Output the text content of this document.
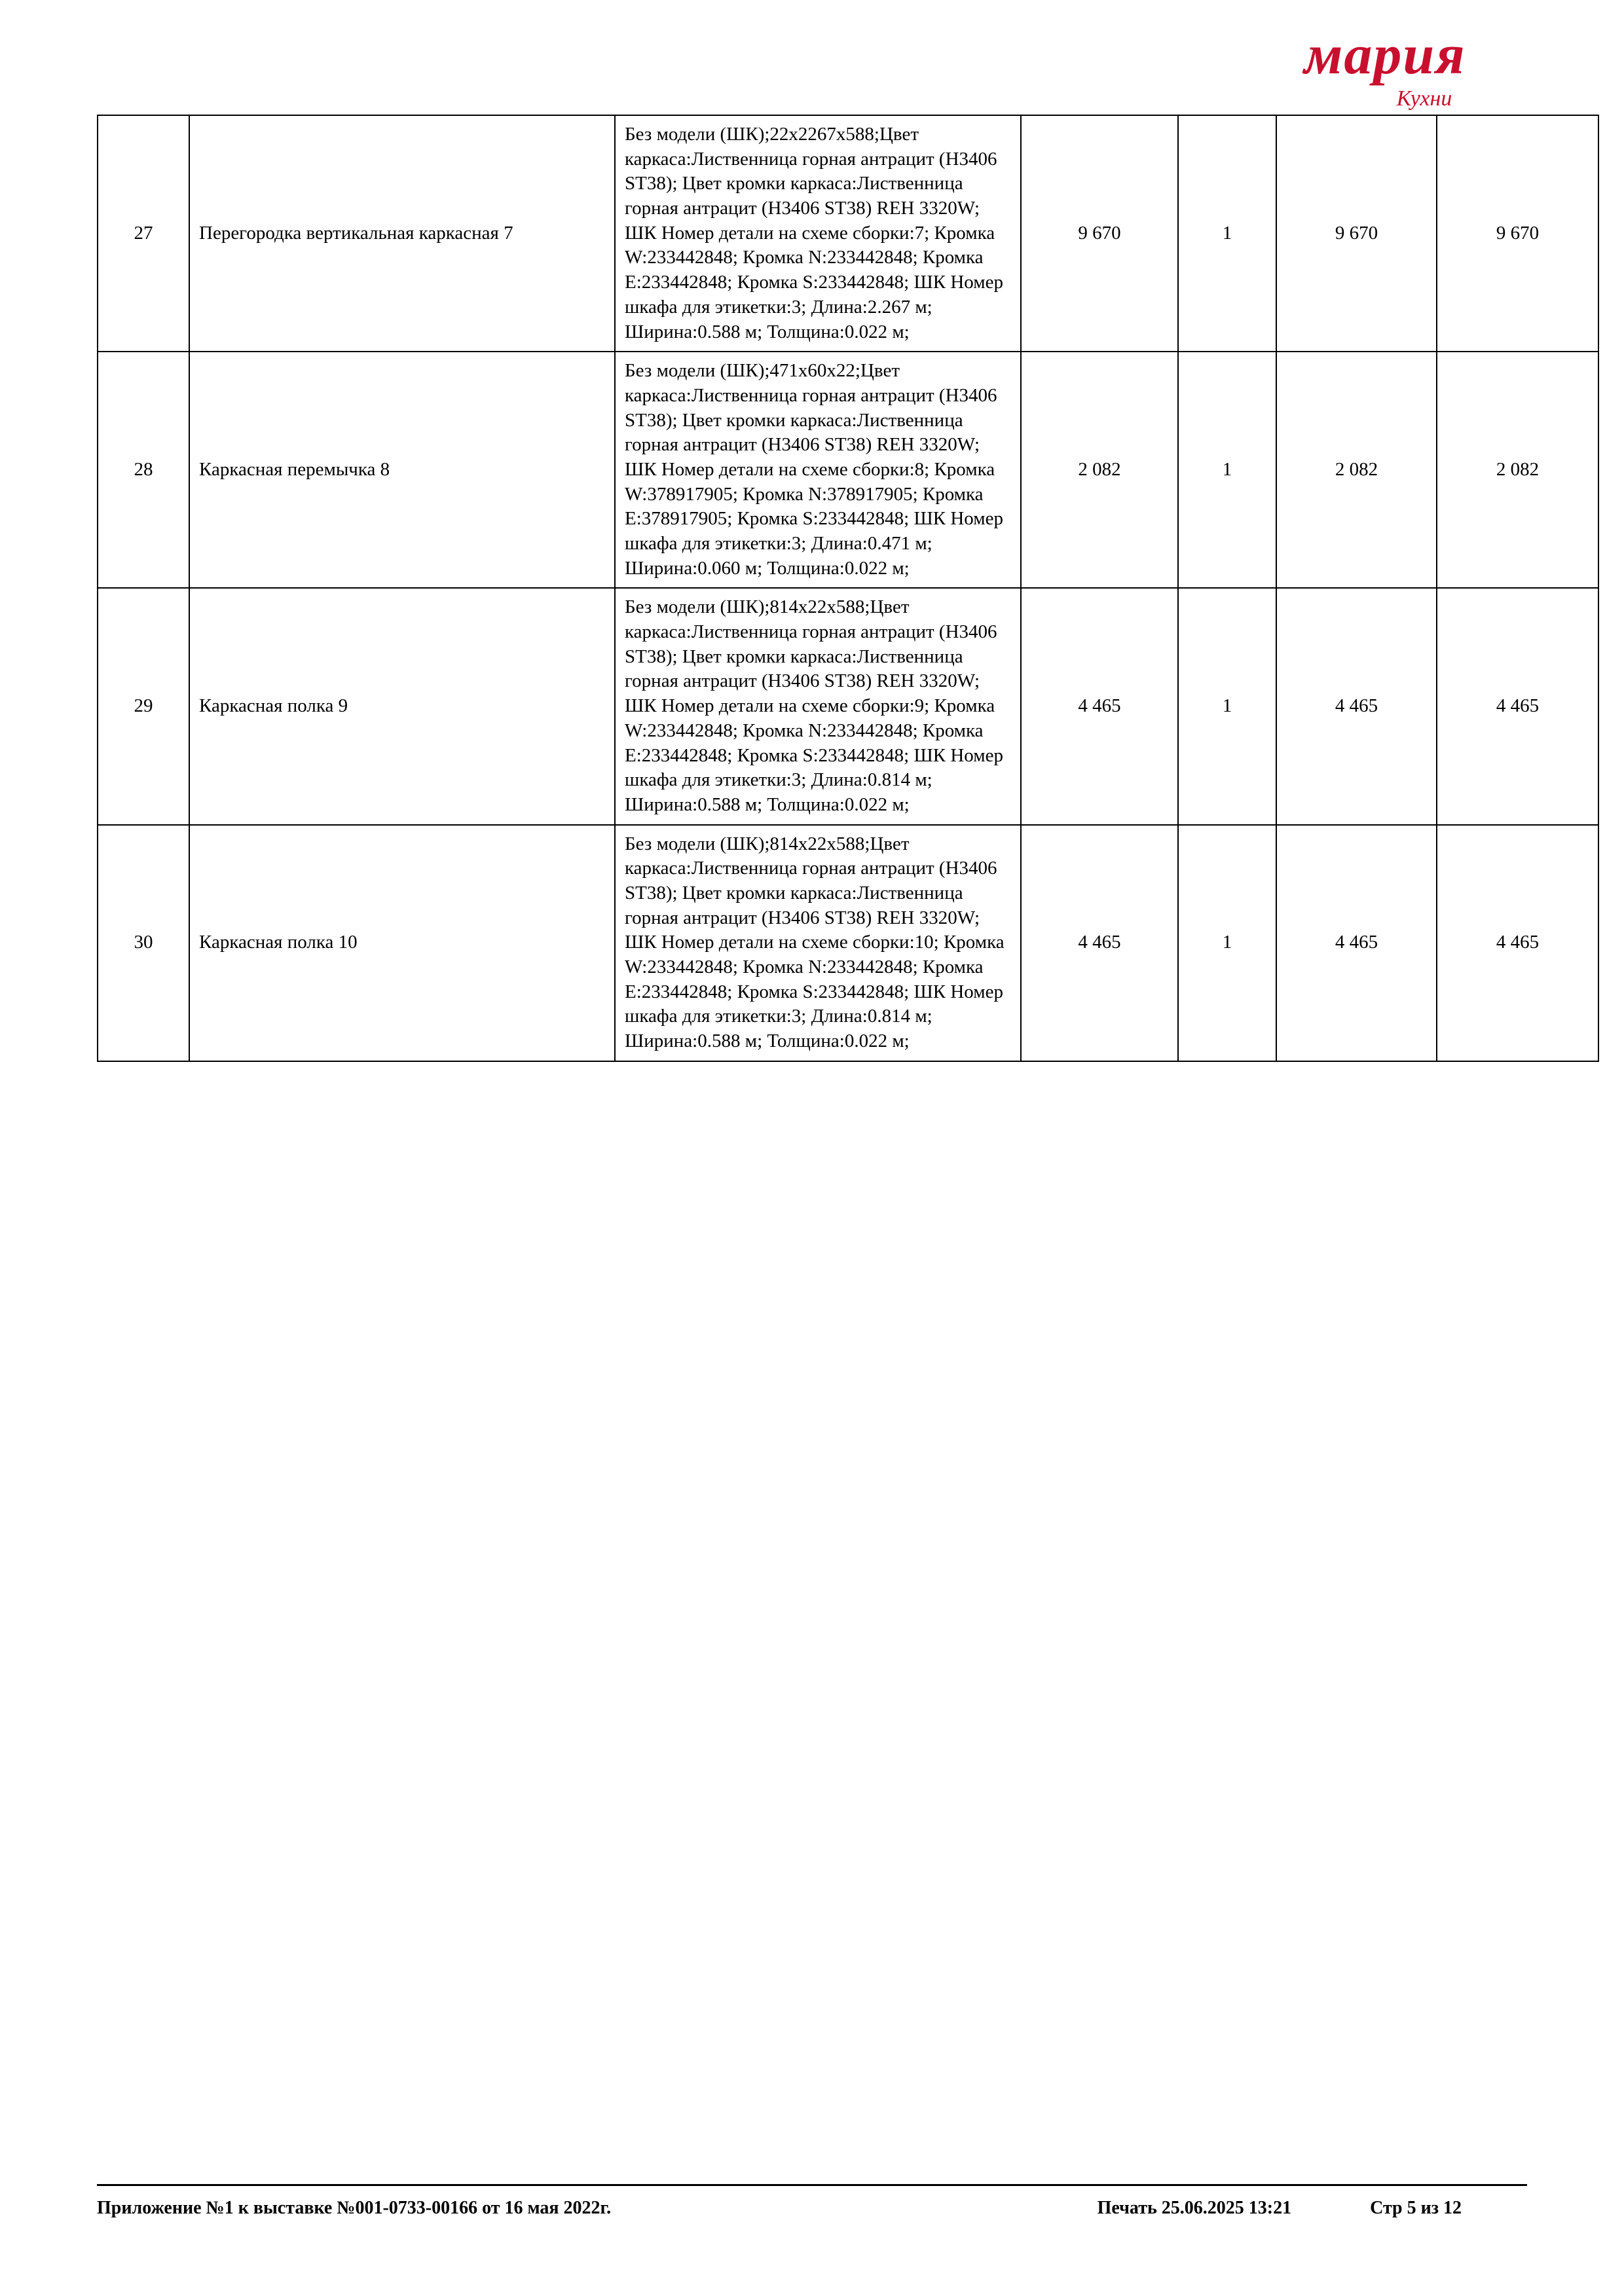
мария
Кухни
27	Перегородка вертикальная каркасная 7	Без модели (ШК);22x2267x588;Цвет каркаса:Лиственница горная антрацит (H3406 ST38); Цвет кромки каркаса:Лиственница горная антрацит (H3406 ST38) REH 3320W; ШК Номер детали на схеме сборки:7; Кромка W:233442848; Кромка N:233442848; Кромка E:233442848; Кромка S:233442848; ШК Номер шкафа для этикетки:3; Длина:2.267 м; Ширина:0.588 м; Толщина:0.022 м;	9 670	1	9 670	9 670
28	Каркасная перемычка 8	Без модели (ШК);471x60x22;Цвет каркаса:Лиственница горная антрацит (H3406 ST38); Цвет кромки каркаса:Лиственница горная антрацит (H3406 ST38) REH 3320W; ШК Номер детали на схеме сборки:8; Кромка W:378917905; Кромка N:378917905; Кромка E:378917905; Кромка S:233442848; ШК Номер шкафа для этикетки:3; Длина:0.471 м; Ширина:0.060 м; Толщина:0.022 м;	2 082	1	2 082	2 082
29	Каркасная полка 9	Без модели (ШК);814x22x588;Цвет каркаса:Лиственница горная антрацит (H3406 ST38); Цвет кромки каркаса:Лиственница горная антрацит (H3406 ST38) REH 3320W; ШК Номер детали на схеме сборки:9; Кромка W:233442848; Кромка N:233442848; Кромка E:233442848; Кромка S:233442848; ШК Номер шкафа для этикетки:3; Длина:0.814 м; Ширина:0.588 м; Толщина:0.022 м;	4 465	1	4 465	4 465
30	Каркасная полка 10	Без модели (ШК);814x22x588;Цвет каркаса:Лиственница горная антрацит (H3406 ST38); Цвет кромки каркаса:Лиственница горная антрацит (H3406 ST38) REH 3320W; ШК Номер детали на схеме сборки:10; Кромка W:233442848; Кромка N:233442848; Кромка E:233442848; Кромка S:233442848; ШК Номер шкафа для этикетки:3; Длина:0.814 м; Ширина:0.588 м; Толщина:0.022 м;	4 465	1	4 465	4 465
Приложение №1 к выставке №001-0733-00166 от 16 мая 2022г.	Печать 25.06.2025 13:21	Стр 5 из 12
